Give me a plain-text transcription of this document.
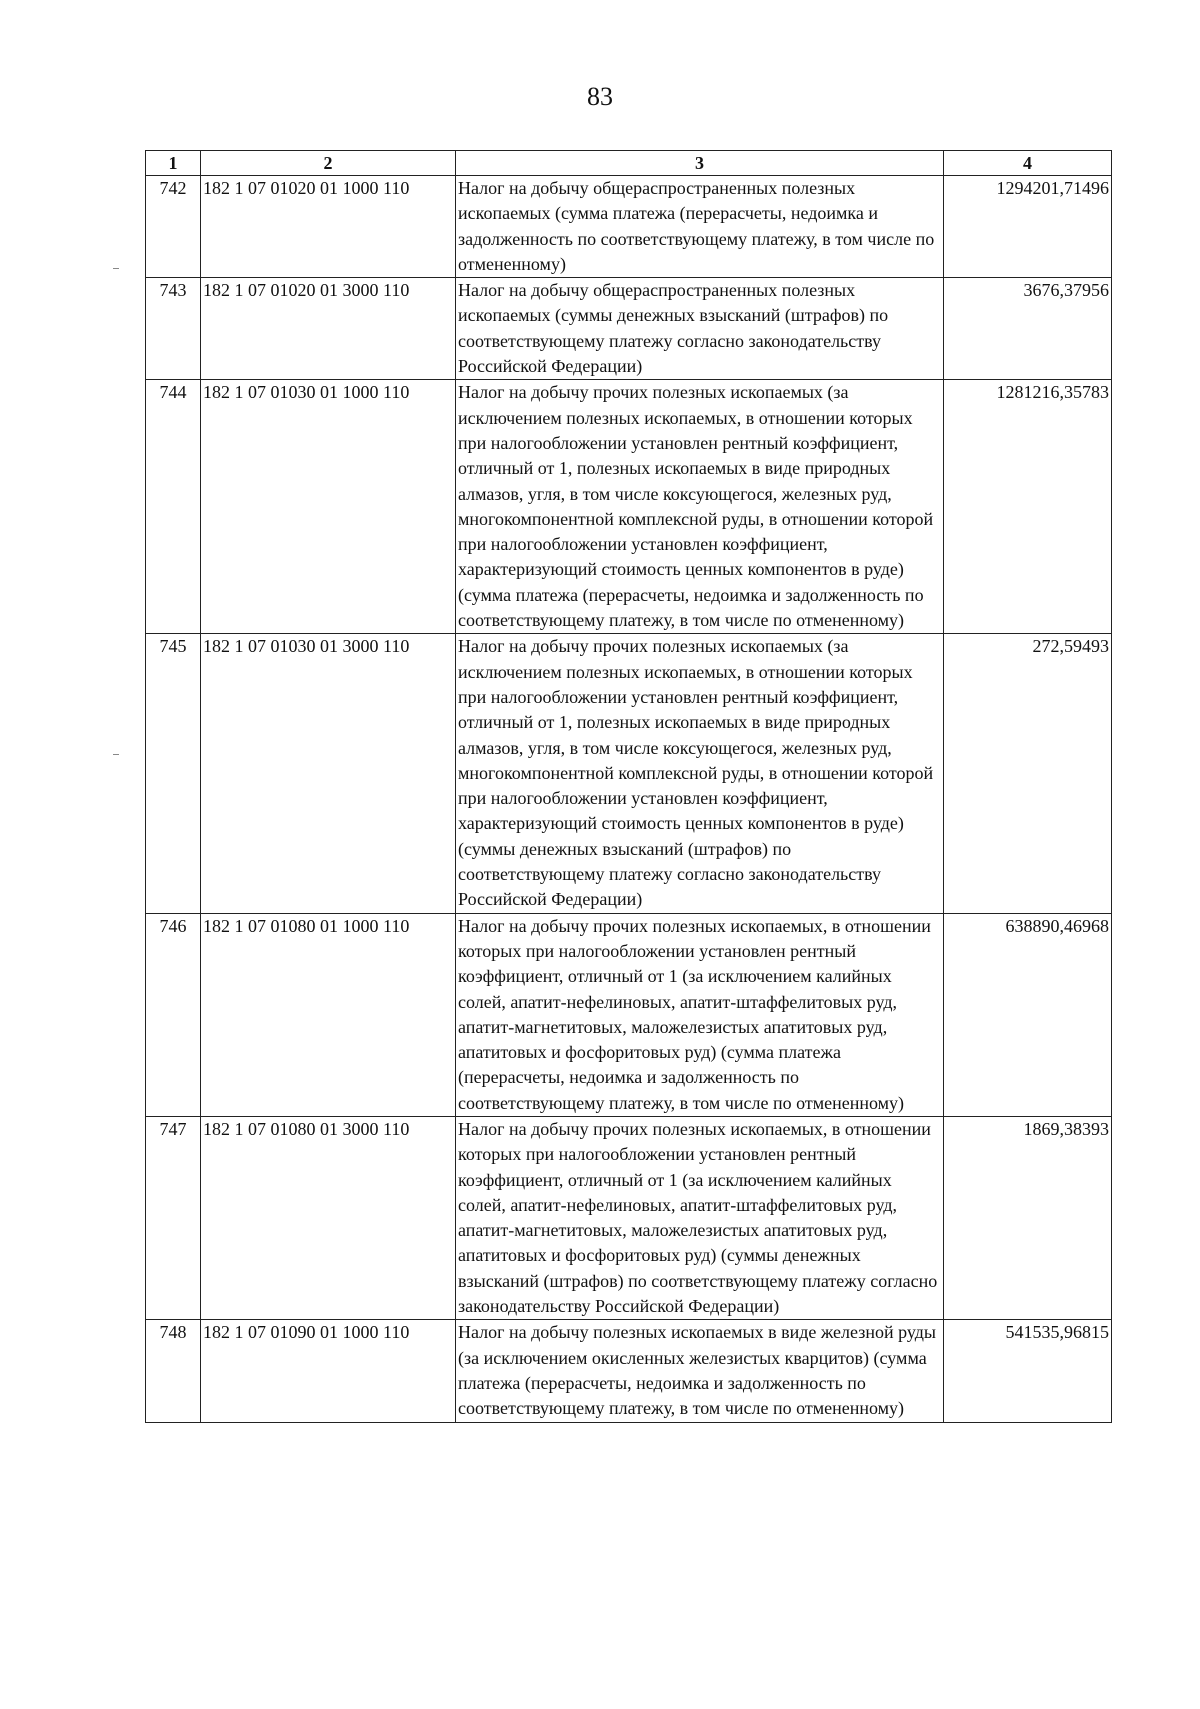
83
1	2	3	4
742	182 1 07 01020 01 1000 110	Налог на добычу общераспространенных полезных ископаемых (сумма платежа (перерасчеты, недоимка и задолженность по соответствующему платежу, в том числе по отмененному)	1294201,71496
743	182 1 07 01020 01 3000 110	Налог на добычу общераспространенных полезных ископаемых (суммы денежных взысканий (штрафов) по соответствующему платежу согласно законодательству Российской Федерации)	3676,37956
744	182 1 07 01030 01 1000 110	Налог на добычу прочих полезных ископаемых (за исключением полезных ископаемых, в отношении которых при налогообложении установлен рентный коэффициент, отличный от 1, полезных ископаемых в виде природных алмазов, угля, в том числе коксующегося, железных руд, многокомпонентной комплексной руды, в отношении которой при налогообложении установлен коэффициент, характеризующий стоимость ценных компонентов в руде) (сумма платежа (перерасчеты, недоимка и задолженность по соответствующему платежу, в том числе по отмененному)	1281216,35783
745	182 1 07 01030 01 3000 110	Налог на добычу прочих полезных ископаемых (за исключением полезных ископаемых, в отношении которых при налогообложении установлен рентный коэффициент, отличный от 1, полезных ископаемых в виде природных алмазов, угля, в том числе коксующегося, железных руд, многокомпонентной комплексной руды, в отношении которой при налогообложении установлен коэффициент, характеризующий стоимость ценных компонентов в руде) (суммы денежных взысканий (штрафов) по соответствующему платежу согласно законодательству Российской Федерации)	272,59493
746	182 1 07 01080 01 1000 110	Налог на добычу прочих полезных ископаемых, в отношении которых при налогообложении установлен рентный коэффициент, отличный от 1 (за исключением калийных солей, апатит-нефелиновых, апатит-штаффелитовых руд, апатит-магнетитовых, маложелезистых апатитовых руд, апатитовых и фосфоритовых руд) (сумма платежа (перерасчеты, недоимка и задолженность по соответствующему платежу, в том числе по отмененному)	638890,46968
747	182 1 07 01080 01 3000 110	Налог на добычу прочих полезных ископаемых, в отношении которых при налогообложении установлен рентный коэффициент, отличный от 1 (за исключением калийных солей, апатит-нефелиновых, апатит-штаффелитовых руд, апатит-магнетитовых, маложелезистых апатитовых руд, апатитовых и фосфоритовых руд) (суммы денежных взысканий (штрафов) по соответствующему платежу согласно законодательству Российской Федерации)	1869,38393
748	182 1 07 01090 01 1000 110	Налог на добычу полезных ископаемых в виде железной руды (за исключением окисленных железистых кварцитов) (сумма платежа (перерасчеты, недоимка и задолженность по соответствующему платежу, в том числе по отмененному)	541535,96815
